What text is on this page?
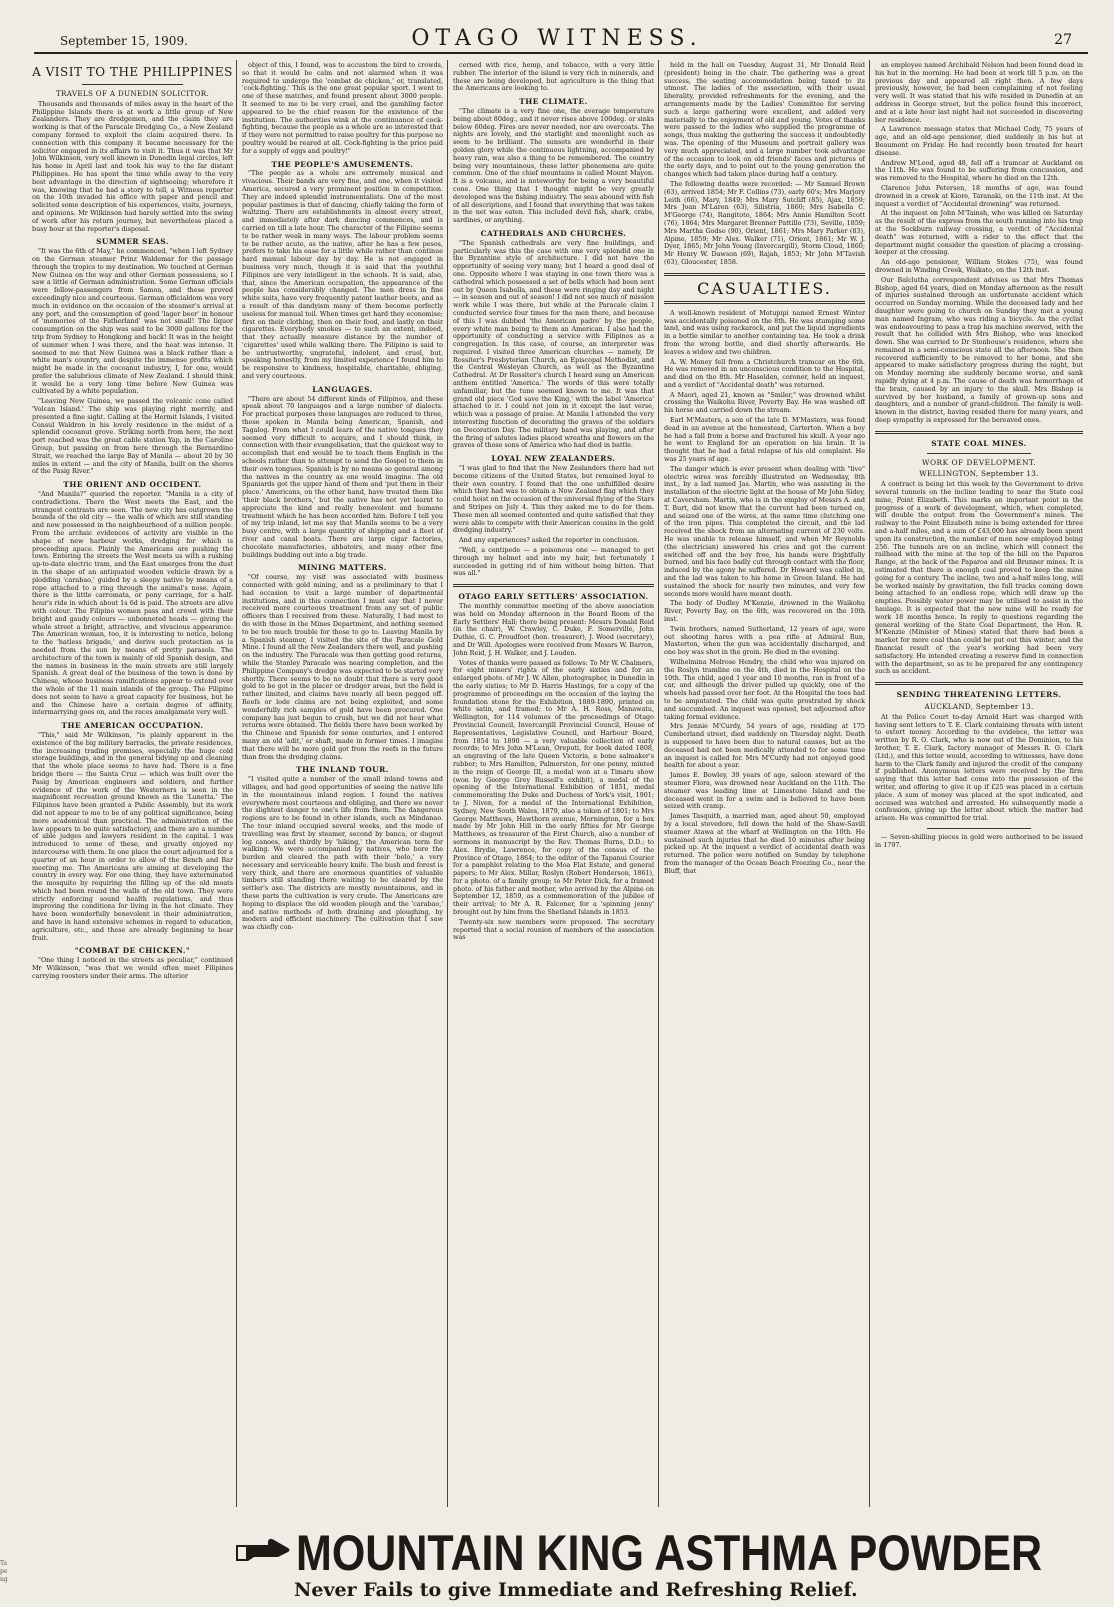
September 15, 1909.	OTAGO WITNESS.	27
A VISIT TO THE PHILIPPINES

TRAVELS OF A DUNEDIN SOLICITOR.

Thousands and thousands of miles away in the heart of the Philippine Islands there is at work a little group of New Zealanders. They are dredgemen, and the claim they are working is that of the Paracale Dredging Co., a New Zealand company formed to exploit the claim acquired there. In connection with this company it became necessary for the solicitor engaged in its affairs to visit it. Thus it was that Mr John Wilkinson, very well known in Dunedin legal circles, left his home in April last and took his way to the far distant Philippines. He has spent the time while away to the very best advantage in the direction of sightseeing; wherefore it was, knowing that he had a story to tell, a Witness reporter on the 10th invaded his office with paper and pencil and solicited some description of his experiences, visits, journeys, and opinions. Mr Wilkinson had barely settled into the swing of work after his return journey, but nevertheless placed a busy hour at the reporter's disposal.

SUMMER SEAS.

"It was the 6th of May," he commenced, "when I left Sydney on the German steamer Prinz Waldemar for the passage through the tropics to my destination. We touched at German New Guinea on the way and other German possessions, so I saw a little of German administration. Some German officials were fellow-passengers from Samoa, and these proved exceedingly nice and courteous. German officialdom was very much in evidence on the occasion of the steamer's arrival at any port, and the consumption of good 'lager beer' in honour of 'memories of the Fatherland' was not small! The liquor consumption on the ship was said to be 3000 gallons for the trip from Sydney to Hongkong and back! It was in the height of summer when I was there, and the heat was intense. It seemed to me that New Guinea was a black rather than a white man's country, and despite the immense profits which might be made in the cocoanut industry, I, for one, would prefer the salubrious climate of New Zealand. I should think it would be a very long time before New Guinea was cultivated by a white population.

"Leaving New Guinea, we passed the volcanic cone called 'Volcan Island.' The ship was playing right merrily, and presented a fine sight. Calling at the Hermit Islands, I visited Consul Waldron in his lovely residence in the midst of a splendid cocoanut grove. Striking north from here, the next port reached was the great cable station Yap, in the Caroline Group, but passing on from here through the Bernardino Strait, we reached the large Bay of Manila — about 20 by 30 miles in extent — and the city of Manila, built on the shores of the Pasig River."

THE ORIENT AND OCCIDENT.

"And Manila?" queried the reporter. "Manila is a city of contradictions. There the West meets the East, and the strangest contrasts are seen. The new city has outgrown the bounds of the old city — the walls of which are still standing and now possessed in the neighbourhood of a million people. From the archaic evidences of activity are visible in the shape of new harbour works, dredging for which is proceeding apace. Plainly the Americans are pushing the town. Entering the streets the West meets us with a rushing up-to-date electric tram, and the East emerges from the dust in the shape of an antiquated wooden vehicle drawn by a plodding 'carabao,' guided by a sleepy native by means of a rope attached to a ring through the animal's nose. Again, there is the little carromata, or pony carriage, for a half-hour's ride in which about 1s 6d is paid. The streets are alive with colour. The Filipino women pass and crowd with their bright and gaudy colours — unbonneted heads — giving the whole street a bright, attractive, and vivacious appearance. The American woman, too, it is interesting to notice, belong to the 'hatless brigade,' and derive such protection as is needed from the sun by means of pretty parasols. The architecture of the town is mainly of old Spanish design, and the names in business in the main streets are still largely Spanish. A great deal of the business of the town is done by Chinese, whose business ramifications appear to extend over the whole of the 11 main islands of the group. The Filipino does not seem to have a great capacity for business, but he and the Chinese have a certain degree of affinity, intermarrying goes on, and the races amalgamate very well.

THE AMERICAN OCCUPATION.

"This," said Mr Wilkinson, "is plainly apparent in the existence of the big military barracks, the private residences, the increasing trading premises, especially the huge cold storage buildings, and in the general tidying up and cleaning that the whole place seems to have had. There is a fine bridge there — the Santa Cruz — which was built over the Pasig by American engineers and soldiers, and further evidence of the work of the Westerners is seen in the magnificent recreation ground known as the 'Lunetta.' The Filipinos have been granted a Public Assembly, but its work did not appear to me to be of any political significance, being more academical than practical. The administration of the law appears to be quite satisfactory, and there are a number of able judges and lawyers resident in the capital. I was introduced to some of these, and greatly enjoyed my intercourse with them. In one place the court adjourned for a quarter of an hour in order to allow of the Bench and Bar meeting me. The Americans are aiming at developing the country in every way. For one thing, they have exterminated the mosquito by requiring the filling up of the old moats which had been round the walls of the old town. They were strictly enforcing sound health regulations, and thus improving the conditions for living in the hot climate. They have been wonderfully benevolent in their administration, and have in hand extensive schemes in regard to education, agriculture, etc., and these are already beginning to bear fruit.

"COMBAT DE CHICKEN."

"One thing I noticed in the streets as peculiar," continued Mr Wilkinson, "was that we would often meet Filipinos carrying roosters under their arms. The ulterior

object of this, I found, was to accustom the bird to crowds, so that it would be calm and not alarmed when it was required to undergo the 'combat de chicken,' or, translated, 'cock-fighting.' This is the one great popular sport. I went to one of these matches, and found present about 3000 people. It seemed to me to be very cruel, and the gambling factor appeared to be the chief reason for the existence of the institution. The authorities wink at the continuance of cock-fighting, because the people as a whole are so interested that if they were not permitted to raise poultry for this purpose no poultry would be reared at all. Cock-fighting is the price paid for a supply of eggs and poultry!"

THE PEOPLE'S AMUSEMENTS.

"The people as a whole are extremely musical and vivacious. Their bands are very fine, and one, when it visited America, secured a very prominent position in competition. They are indeed splendid instrumentalists. One of the most popular pastimes is that of dancing, chiefly taking the form of waltzing. There are establishments in almost every street, and immediately after dark dancing commences, and is carried on till a late hour. The character of the Filipino seems to be rather weak in many ways. The labour problem seems to be rather acute, as the native, after he has a few pesos, prefers to take his ease for a little while rather than continue hard manual labour day by day. He is not engaged in business very much, though it is said that the youthful Filipinos are very intelligent in the schools. It is said, also, that, since the American occupation, the appearance of the people has considerably changed. The men dress in fine white suits, have very frequently patent leather boots, and as a result of this dandyism many of them become perfectly useless for manual toil. When times get hard they economise; first on their clothing, then on their food, and lastly on their cigarettes. Everybody smokes — to such an extent, indeed, that they actually measure distance by the number of 'cigarettes' used while walking there. The Filipino is said to be untrustworthy, ungrateful, indolent, and cruel, but, speaking honestly, from my limited experience I found him to be responsive to kindness, hospitable, charitable, obliging, and very courteous.

LANGUAGES.

"There are about 54 different kinds of Filipinos, and these speak about 70 languages and a large number of dialects. For practical purposes these languages are reduced to three, those spoken in Manila being American, Spanish, and Tagalog. From what I could learn of the native tongues they seemed very difficult to acquire, and I should think, in connection with their evangelisation, that the quickest way to accomplish that end would be to teach them English in the schools rather than to attempt to send the Gospel to them in their own tongues. Spanish is by no means so general among the natives in the country as one would imagine. The old Spaniards got the upper hand of them and 'put them in their place.' Americans, on the other hand, have treated them like 'their black brothers,' but the native has not yet learnt to appreciate the kind and really benevolent and humane treatment which he has been accorded him. Before I tell you of my trip inland, let me say that Manila seems to be a very busy centre, with a large quantity of shipping and a fleet of river and canal boats. There are large cigar factories, chocolate manufactories, abbatoirs, and many other fine buildings budding out into a big trade.

MINING MATTERS.

"Of course, my visit was associated with business connected with gold mining, and as a preliminary to that I had occasion to visit a large number of departmental institutions, and in this connection I must say that I never received more courteous treatment from any set of public officers than I received from these. Naturally, I had most to do with those in the Mines Department, and nothing seemed to be too much trouble for those to go to. Leaving Manila by a Spanish steamer, I visited the site of the Paracale Gold Mine. I found all the New Zealanders there well, and pushing on the industry. The Paracale was then getting good returns, while the Stanley Paracale was nearing completion, and the Philippine Company's dredge was expected to be started very shortly. There seems to be no doubt that there is very good gold to be got in the placer or dredger areas, but the field is rather limited, and claims have nearly all been pegged off. Reefs or lode claims are not being exploited, and some wonderfully rich samples of gold have been procured. One company has just begun to crush, but we did not hear what returns were obtained. The fields there have been worked by the Chinese and Spanish for some centuries, and I entered many an old 'adit,' or shaft, made in former times. I imagine that there will be more gold got from the reefs in the future than from the dredging claims.

THE INLAND TOUR.

"I visited quite a number of the small inland towns and villages, and had good opportunities of seeing the native life in the mountainous inland region. I found the natives everywhere most courteous and obliging, and there we never the slightest danger to one's life from them. The dangerous regions are to be found in other islands, such as Mindanao. The tour inland occupied several weeks, and the mode of travelling was first by steamer, second by banca, or dugout log canoes, and thirdly by 'hiking,' the American term for walking. We were accompanied by natives, who bore the burden and cleared the path with their 'bolo,' a very necessary and serviceable heavy knife. The bush and forest is very thick, and there are enormous quantities of valuable timbers still standing there waiting to be cleared by the settler's axe. The districts are mostly mountainous, and in these parts the cultivation is very crude. The Americans are hoping to displace the old wooden plough and the 'carabao,' and native methods of both draining and ploughing, by modern and efficient machinery. The cultivation that I saw was chiefly con-

cerned with rice, hemp, and tobacco, with a very little rubber. The interior of the island is very rich in minerals, and these are being developed, but agriculture is the thing that the Americans are looking to.

THE CLIMATE.

"The climate is a very fine one, the average temperature being about 80deg., and it never rises above 100deg. or sinks below 60deg. Fires are never needed, nor are overcoats. The nights are lovely, and the starlight and moonlight such as seem to be brilliant. The sunsets are wonderful in their golden glory while the continuous lightning, accompanied by heavy rain, was also a thing to be remembered. The country being very mountainous, these latter phenomena are quite common. One of the chief mountains is called Mount Mayon. It is a volcano, and is noteworthy for being a very beautiful cone. One thing that I thought might be very greatly developed was the fishing industry. The seas abound with fish of all descriptions, and I found that everything that was taken in the net was eaten. This included devil fish, shark, crabs, sardines, or anything.

CATHEDRALS AND CHURCHES.

"The Spanish cathedrals are very fine buildings, and particularly was this the case with one very splendid one in the Byzantine style of architecture. I did not have the opportunity of seeing very many, but I heard a good deal of one. Opposite where I was staying in one town there was a cathedral which possessed a set of bells which had been sent out by Queen Isabella, and these were ringing day and night — in season and out of season! I did not see much of mission work while I was there, but while at the Paracale claim I conducted service four times for the men there, and because of this I was dubbed 'the American padre' by the people, every white man being to them an American. I also had the opportunity of conducting a service with Filipinos as a congregation. In this case, of course, an interpreter was required. I visited three American churches — namely, Dr Rossiter's Presbyterian Church, an Episcopal Methodist, and the Central Wesleyan Church, as well as the Byzantine Cathedral. At Dr Rossiter's church I heard sung an American anthem entitled 'America.' The words of this were totally unfamiliar, but the tune seemed known to me. It was that grand old piece 'God save the King,' with the label 'America' attached to it. I could not join in it except the last verse, which was a passage of praise. At Manila I attended the very interesting function of decorating the graves of the soldiers on Decoration Day. The military band was playing, and after the firing of salutes ladies placed wreaths and flowers on the graves of those sons of America who had died in battle.

LOYAL NEW ZEALANDERS.

"I was glad to find that the New Zealanders there had not become citizens of the United States, but remained loyal to their own country. I found that the one unfulfilled desire which they had was to obtain a New Zealand flag which they could hoist on the occasion of the universal flying of the Stars and Stripes on July 4. This they asked me to do for them. These men all seemed contented and quite satisfied that they were able to compete with their American cousins in the gold dredging industry."

And any experiences? asked the reporter in conclusion.

"Well, a centipede — a poisonous one — managed to get through my helmet and into my hair, but fortunately I succeeded in getting rid of him without being bitten. That was all."

OTAGO EARLY SETTLERS' ASSOCIATION.

The monthly committee meeting of the above association was held on Monday afternoon in the Board Room of the Early Settlers' Hall; there being present: Messrs Donald Reid (in the chair), W. Crawley, C. Duke, F. Somerville, John Duthie, G. C. Proudfoot (hon. treasurer), J. Wood (secretary), and Dr Will. Apologies were received from Messrs W. Barron, John Reid, J. H. Walker, and J. Louden.

Votes of thanks were passed as follows: To Mr W. Chalmers, for eight miners' rights of the early sixties and for an enlarged photo. of Mr J. W. Allen, photographer, in Dunedin in the early sixties; to Mr D. Harris Hastings, for a copy of the programme of proceedings on the occasion of the laying the foundation stone for the Exhibition, 1889-1890, printed on white satin, and framed; to Mr A. H. Ross, Manawatu, Wellington, for 114 volumes of the proceedings of Otago Provincial Council, Invercargill Provincial Council, House of Representatives, Legislative Council, and Harbour Board, from 1854 to 1890 — a very valuable collection of early records; to Mrs John M'Lean, Oreputi, for book dated 1808, an engraving of the late Queen Victoria, a bone salmaker's rubber; to Mrs Hamilton, Palmerston, for one penny, minted in the reign of George III, a medal won at a Timaru show (won by George Grey Russell's exhibit), a medal of the opening of the International Exhibition of 1851, medal commemorating the Duke and Duchess of York's visit, 1901; to J. Niven, for a medal of the International Exhibition, Sydney, New South Wales, 1879, also a token of 1801; to Mrs George Matthews, Hawthorn avenue, Mornington, for a box made by Mr John Hill in the early fifties for Mr George Matthews, as treasurer of the First Church, also a number of sermons in manuscript by the Rev. Thomas Burns, D.D.; to Alex. Brydie, Lawrence, for copy of the census of the Province of Otago, 1864; to the editor of the Tapanui Courier for a pamphlet relating to the Moa Flat Estate, and general papers; to Mr Alex. Millar, Roslyn (Robert Henderson, 1861), for a photo. of a family group; to Mr Peter Dick, for a framed photo. of his father and mother, who arrived by the Alpine on September 12, 1859, as a commemoration of the jubilee of their arrival; to Mr A. R. Falconer, for a 'spinning jenny' brought out by him from the Shetland Islands in 1853.

Twenty-six new members were proposed. The secretary reported that a social reunion of members of the association was

held in the hall on Tuesday, August 31, Mr Donald Reid (president) being in the chair. The gathering was a great success, the seating accommodation being taxed to its utmost. The ladies of the association, with their usual liberality, provided refreshments for the evening, and the arrangements made by the Ladies' Committee for serving such a large gathering were excellent, and added very materially to the enjoyment of old and young. Votes of thanks were passed to the ladies who supplied the programme of songs, thus making the gathering the success it undoubtedly was. The opening of the Museum and portrait gallery was very much appreciated, and a large number took advantage of the occasion to look on old friends' faces and pictures of the early days, and to point out to the young generation the changes which had taken place during half a century.

The following deaths were recorded: — Mr Samuel Brown (63), arrived 1854; Mr F. Collins (73), early 60's; Mrs Marjory Leith (66), Mary, 1849; Mrs Mary Sutcliff (85), Ajax, 1859; Mrs Joan M'Laren (63), Silistria, 1860; Mrs Isabella C. M'George (74), Rangitoto, 1864; Mrs Annie Hamilton Scott (76), 1864; Mrs Margaret Brenner Pattillo (73), Seville, 1859; Mrs Martha Godso (90), Orient, 1861; Mrs Mary Parker (83), Alpine, 1859; Mr Alex. Walker (71), Orient, 1861; Mr W. J. Dyer, 1865; Mr John Young (Invercargill), Storm Cloud, 1860; Mr Henry W. Dawson (69), Rajah, 1853; Mr John M'Tavish (63), Gloucester, 1858.

CASUALTIES.

A well-known resident of Motupipi named Ernest Winter was accidentally poisoned on the 8th. He was stumping some land, and was using rackarock, and put the liquid ingredients in a bottle similar to another containing tea. He took a drink from the wrong bottle, and died shortly afterwards. He leaves a widow and two children.

A. W. Money fell from a Christchurch tramcar on the 6th. He was removed in an unconscious condition to the Hospital, and died on the 8th. Mr Haselden, coroner, held an inquest, and a verdict of "Accidental death" was returned.

A Maori, aged 21, known as "Smiler," was drowned whilst crossing the Waikohu River, Poverty Bay. He was washed off his horse and carried down the stream.

Earl M'Masters, a son of the late D. M'Masters, was found dead in an avenue at the homestead, Carterton. When a boy he had a fall from a horse and fractured his skull. A year ago he went to England for an operation on his brain. It is thought that he had a fatal relapse of his old complaint. He was 25 years of age.

The danger which is ever present when dealing with "live" electric wires was forcibly illustrated on Wednesday, 8th inst., by a lad named Jas. Martin, who was assisting in the installation of the electric light at the house of Mr John Sidey, at Caversham. Martin, who is in the employ of Messrs A. and T. Burt, did not know that the current had been turned on, and seized one of the wires, at the same time clutching one of the iron pipes. This completed the circuit, and the lad received the shock from an alternating current of 230 volts. He was unable to release himself, and when Mr Reynolds (the electrician) answered his cries and got the current switched off and the boy free, his hands were frightfully burned, and his face badly cut through contact with the floor, induced by the agony he suffered. Dr Howard was called in, and the lad was taken to his home in Green Island. He had sustained the shock for nearly two minutes, and very few seconds more would have meant death.

The body of Dudley M'Kenzie, drowned in the Waikohu River, Poverty Bay, on the 6th, was recovered on the 10th inst.

Twin brothers, named Sutherland, 12 years of age, were out shooting hares with a pea rifle at Admiral Run, Masterton, when the gun was accidentally discharged, and one boy was shot in the groin. He died in the evening.

Wilhelmina Melrose Hendry, the child who was injured on the Roslyn tramline on the 4th, died in the Hospital on the 10th. The child, aged 1 year and 10 months, ran in front of a car, and although the driver pulled up quickly, one of the wheels had passed over her foot. At the Hospital the toes had to be amputated. The child was quite prostrated by shock and succumbed. An inquest was opened, but adjourned after taking formal evidence.

Mrs Jennie M'Curdy, 54 years of age, residing at 175 Cumberland street, died suddenly on Thursday night. Death is supposed to have been due to natural causes, but as the deceased had not been medically attended to for some time an inquest is called for. Mrs M'Curdy had not enjoyed good health for about a year.

James E. Bowley, 39 years of age, saloon steward of the steamer Flora, was drowned near Auckland on the 11th. The steamer was leading lime at Limestone Island and the deceased went in for a swim and is believed to have been seized with cramp.

James Tasquith, a married man, aged about 50, employed by a local stevedore, fell down the hold of the Shaw-Savill steamer Atawa at the wharf at Wellington on the 10th. He sustained such injuries that he died 10 minutes after being picked up. At the inquest a verdict of accidental death was returned. The police were notified on Sunday by telephone from the manager of the Ocean Beach Freezing Co., near the Bluff, that

an employee named Archibald Nelson had been found dead in his hut in the morning. He had been at work till 5 p.m. on the previous day and appeared all right then. A few days previously, however, he had been complaining of not feeling very well. It was stated that his wife resided in Dunedin at an address in George street, but the police found this incorrect, and at a late hour last night had not succeeded in discovering her residence.

A Lawrence message states that Michael Cody, 75 years of age, and an old-age pensioner, died suddenly in his hut at Beaumont on Friday. He had recently been treated for heart disease.

Andrew M'Leod, aged 48, fell off a tramcar at Auckland on the 11th. He was found to be suffering from concussion, and was removed to the Hospital, where he died on the 12th.

Clarence John Petersen, 18 months of age, was found drowned in a creek at Kiore, Taranaki, on the 11th inst. At the inquest a verdict of "Accidental drowning" was returned.

At the inquest on John M'Tainsh, who was killed on Saturday as the result of the express from the south running into his trap at the Sockburn railway crossing, a verdict of "Accidental death" was returned, with a rider to the effect that the department might consider the question of placing a crossing-keeper at the crossing.

An old-age pensioner, William Stokes (75), was found drowned in Winding Creek, Waikato, on the 12th inst.

Our Balclutha correspondent advises us that Mrs Thomas Bishop, aged 64 years, died on Monday afternoon as the result of injuries sustained through an unfortunate accident which occurred on Sunday morning. While the deceased lady and her daughter were going to church on Sunday they met a young man named Ingram, who was riding a bicycle. As the cyclist was endeavouring to pass a trap his machine swerved, with the result that he collided with Mrs Bishop, who was knocked down. She was carried to Dr Stenhouse's residence, where she remained in a semi-conscious state all the afternoon. She then recovered sufficiently to be removed to her home, and she appeared to make satisfactory progress during the night, but on Monday morning she suddenly became worse, and sank rapidly dying at 4 p.m. The cause of death was hemorrhage of the brain, caused by an injury to the skull. Mrs Bishop is survived by her husband, a family of grown-up sons and daughters, and a number of grand-children. The family is well-known in the district, having resided there for many years, and deep sympathy is expressed for the bereaved ones.

STATE COAL MINES.
WORK OF DEVELOPMENT.

WELLINGTON, September 13.

A contract is being let this week by the Government to drive several tunnels on the incline leading to near the State coal mine, Point Elizabeth. This marks an important point in the progress of a work of development, which, when completed, will double the output from the Government's mines. The railway to the Point Elizabeth mine is being extended for three and a-half miles, and a sum of £43,000 has already been spent upon its construction, the number of men now employed being 256. The tunnels are on an incline, which will connect the railhead with the mine at the top of the hill on the Paparoa Range, at the back of the Paparoa and old Brunner mines. It is estimated that there is enough coal proved to keep the mine going for a century. The incline, two and a-half miles long, will be worked mainly by gravitation, the full trucks coming down being attached to an endless rope, which will draw up the empties. Possibly water power may be utilised to assist in the haulage. It is expected that the new mine will be ready for work 18 months hence. In reply to questions regarding the general working of the State Coal Department, the Hon. R. M'Kenzie (Minister of Mines) stated that there had been a market for more coal than could be put out this winter, and the financial result of the year's working had been very satisfactory. He intended creating a reserve fund in connection with the department, so as to be prepared for any contingency such as accident.

SENDING THREATENING LETTERS.

AUCKLAND, September 13.

At the Police Court to-day Arnold Hart was charged with having sent letters to T. E. Clark containing threats with intent to extort money. According to the evidence, the letter was written by R. O. Clark, who is now out of the Dominion, to his brother, T. E. Clark, factory manager of Messrs R. O. Clark (Ltd.), and this letter would, according to witnesses, have done harm to the Clark family and injured the credit of the company if published. Anonymous letters were received by the firm saying that this letter had come into the possession of the writer, and offering to give it up if £25 was placed in a certain place. A sum of money was placed at the spot indicated, and accused was watched and arrested. He subsequently made a confession, giving up the letter about which the matter had arisen. He was committed for trial.

— Seven-shilling pieces in gold were authorised to be issued in 1797.

MOUNTAIN KING ASTHMA POWDER
Never Fails to give Immediate and Refreshing Relief.
Ta pe ng
